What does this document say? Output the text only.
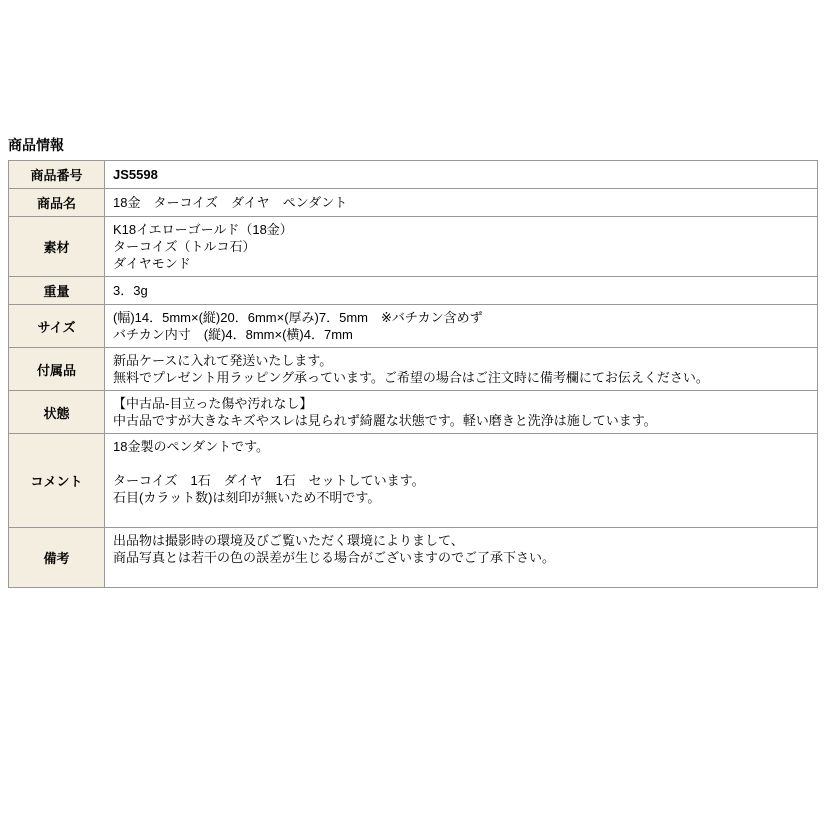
商品情報
商品番号	JS5598

商品名	18金　ターコイズ　ダイヤ　ペンダント

素材	K18イエローゴールド（18金）
ターコイズ（トルコ石）
ダイヤモンド

重量	3．3g

サイズ	(幅)14．5mm×(縦)20．6mm×(厚み)7．5mm　※バチカン含めず
バチカン内寸　(縦)4．8mm×(横)4．7mm

付属品	新品ケースに入れて発送いたします。
無料でプレゼント用ラッピング承っています。ご希望の場合はご注文時に備考欄にてお伝えください。

状態	【中古品-目立った傷や汚れなし】
中古品ですが大きなキズやスレは見られず綺麗な状態です。軽い磨きと洗浄は施しています。

コメント	18金製のペンダントです。

ターコイズ　1石　ダイヤ　1石　セットしています。
石目(カラット数)は刻印が無いため不明です。

備考	出品物は撮影時の環境及びご覧いただく環境によりまして、
商品写真とは若干の色の誤差が生じる場合がございますのでご了承下さい。
